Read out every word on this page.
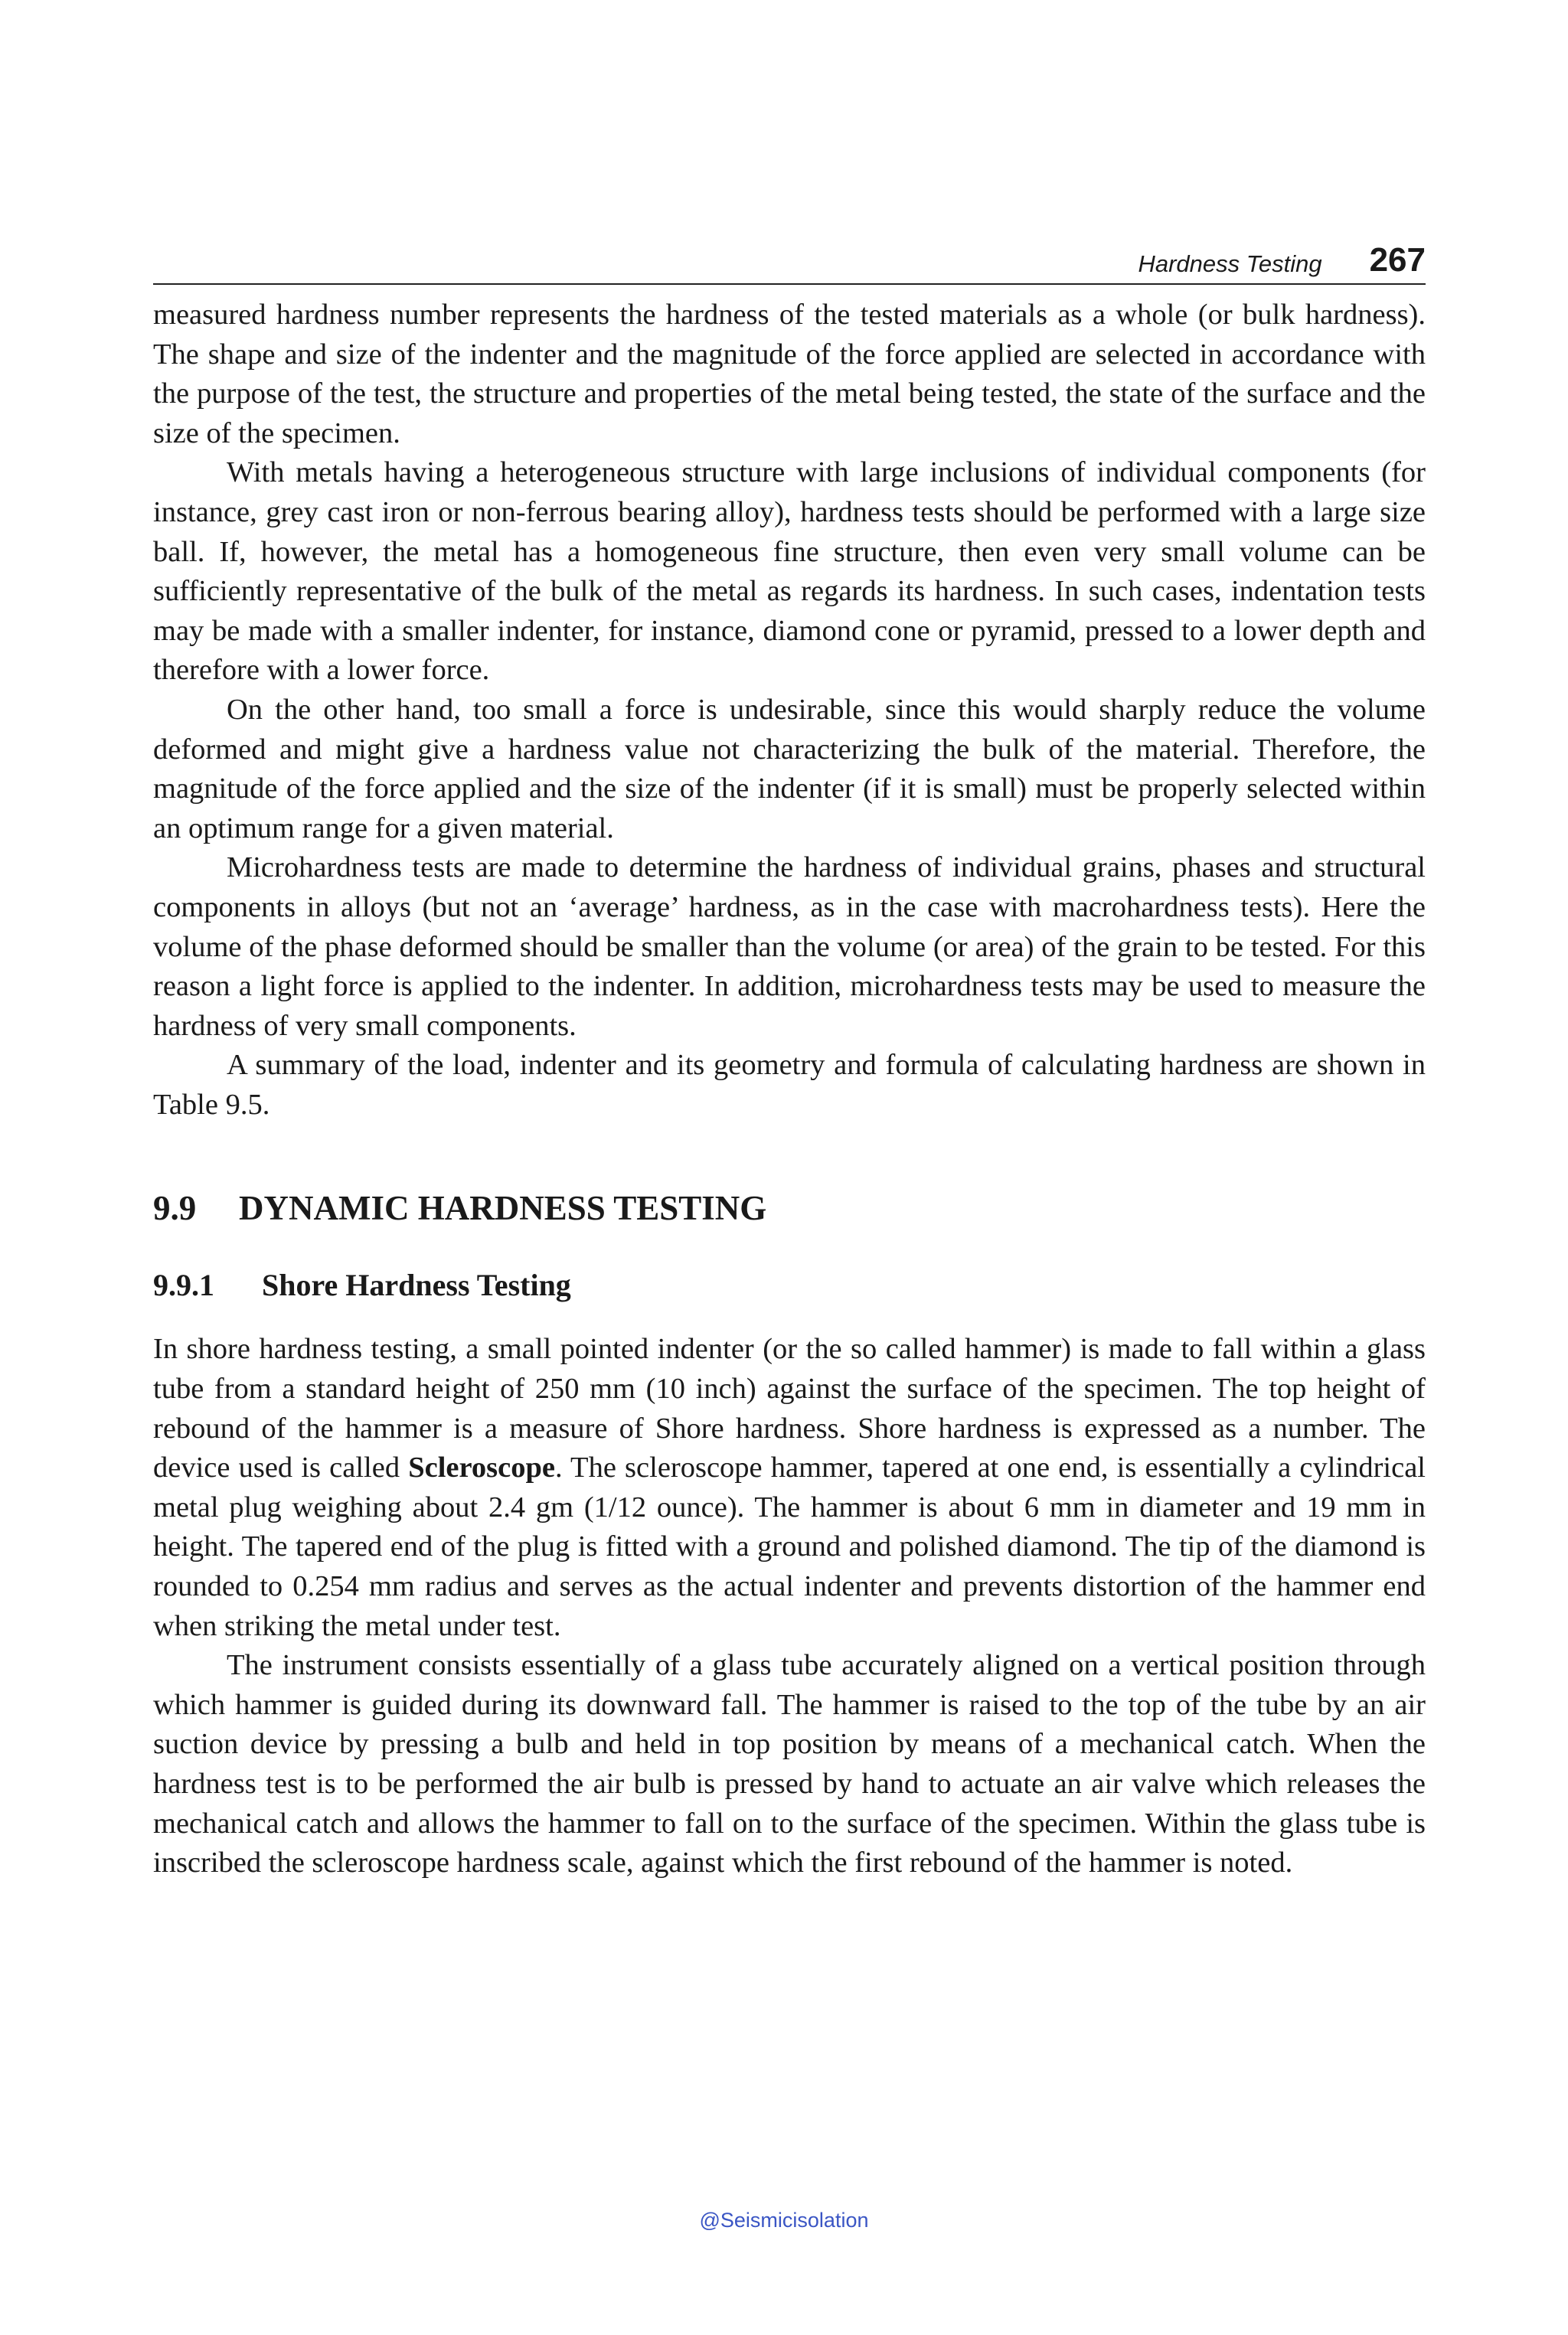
Hardness Testing 267

measured hardness number represents the hardness of the tested materials as a whole (or bulk hardness). The shape and size of the indenter and the magnitude of the force applied are selected in accordance with the purpose of the test, the structure and properties of the metal being tested, the state of the surface and the size of the specimen.

With metals having a heterogeneous structure with large inclusions of individual components (for instance, grey cast iron or non-ferrous bearing alloy), hardness tests should be performed with a large size ball. If, however, the metal has a homogeneous fine structure, then even very small volume can be sufficiently representative of the bulk of the metal as regards its hardness. In such cases, indentation tests may be made with a smaller indenter, for instance, diamond cone or pyramid, pressed to a lower depth and therefore with a lower force.

On the other hand, too small a force is undesirable, since this would sharply reduce the volume deformed and might give a hardness value not characterizing the bulk of the material. Therefore, the magnitude of the force applied and the size of the indenter (if it is small) must be properly selected within an optimum range for a given material.

Microhardness tests are made to determine the hardness of individual grains, phases and structural components in alloys (but not an ‘average’ hardness, as in the case with macrohardness tests). Here the volume of the phase deformed should be smaller than the volume (or area) of the grain to be tested. For this reason a light force is applied to the indenter. In addition, microhardness tests may be used to measure the hardness of very small components.

A summary of the load, indenter and its geometry and formula of calculating hardness are shown in Table 9.5.

9.9 DYNAMIC HARDNESS TESTING
9.9.1 Shore Hardness Testing

In shore hardness testing, a small pointed indenter (or the so called hammer) is made to fall within a glass tube from a standard height of 250 mm (10 inch) against the surface of the specimen. The top height of rebound of the hammer is a measure of Shore hardness. Shore hardness is expressed as a number. The device used is called Scleroscope. The scleroscope hammer, tapered at one end, is essentially a cylindrical metal plug weighing about 2.4 gm (1/12 ounce). The hammer is about 6 mm in diameter and 19 mm in height. The tapered end of the plug is fitted with a ground and polished diamond. The tip of the diamond is rounded to 0.254 mm radius and serves as the actual indenter and prevents distortion of the hammer end when striking the metal under test.

The instrument consists essentially of a glass tube accurately aligned on a vertical position through which hammer is guided during its downward fall. The hammer is raised to the top of the tube by an air suction device by pressing a bulb and held in top position by means of a mechanical catch. When the hardness test is to be performed the air bulb is pressed by hand to actuate an air valve which releases the mechanical catch and allows the hammer to fall on to the surface of the specimen. Within the glass tube is inscribed the scleroscope hardness scale, against which the first rebound of the hammer is noted.

@Seismicisolation
